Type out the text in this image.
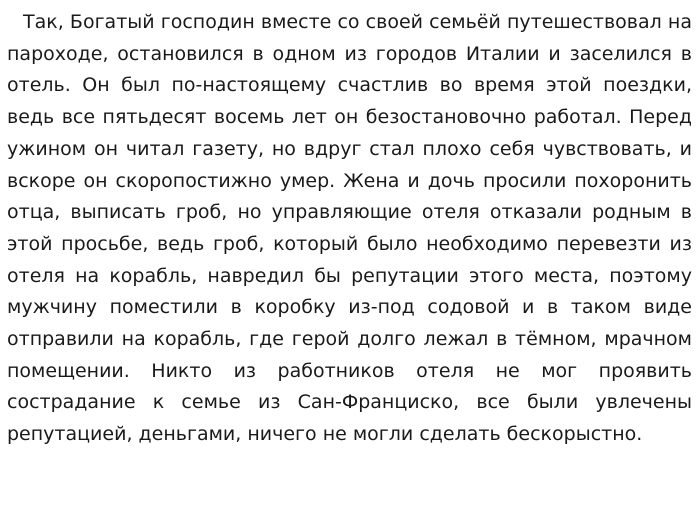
Так, Богатый господин вместе со своей семьёй путешествовал на пароходе, остановился в одном из городов Италии и заселился в отель. Он был по-настоящему счастлив во время этой поездки, ведь все пятьдесят восемь лет он безостановочно работал. Перед ужином он читал газету, но вдруг стал плохо себя чувствовать, и вскоре он скоропостижно умер. Жена и дочь просили похоронить отца, выписать гроб, но управляющие отеля отказали родным в этой просьбе, ведь гроб, который было необходимо перевезти из отеля на корабль, навредил бы репутации этого места, поэтому мужчину поместили в коробку из-под содовой и в таком виде отправили на корабль, где герой долго лежал в тёмном, мрачном помещении. Никто из работников отеля не мог проявить сострадание к семье из Сан-Франциско, все были увлечены репутацией, деньгами, ничего не могли сделать бескорыстно.
